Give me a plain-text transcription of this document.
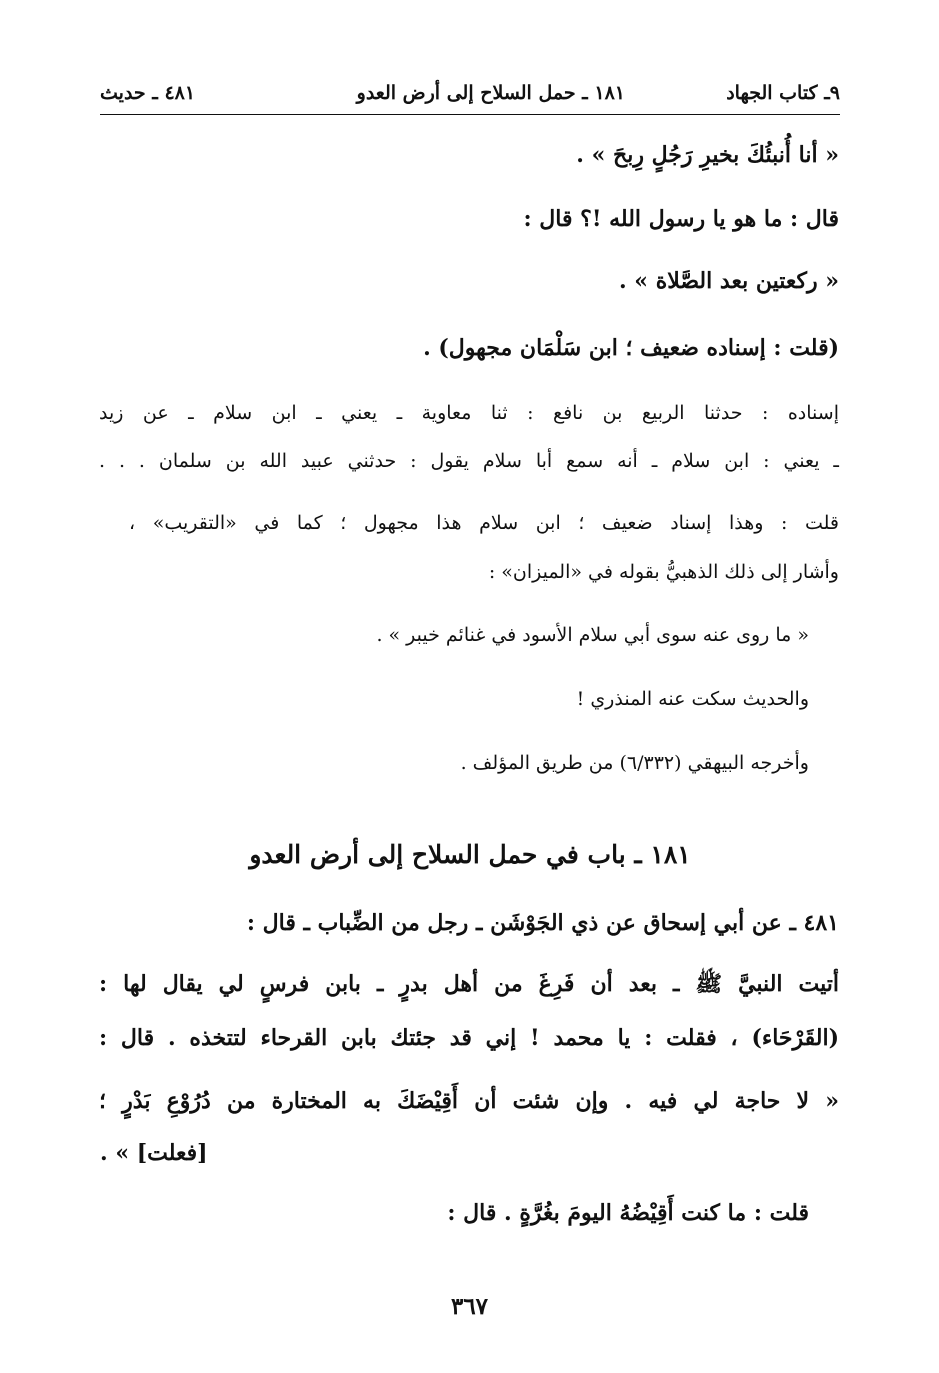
٩ـ كتاب الجهاد
١٨١ ـ حمل السلاح إلى أرض العدو
٤٨١ ـ حديث
« أنا أُنبئُكَ بخيرِ رَجُلٍ رِبحَ » .
قال : ما هو يا رسول الله !؟ قال :
« ركعتين بعد الصَّلاة » .
(قلت : إسناده ضعيف ؛ ابن سَلْمَان مجهول) .
إسناده : حدثنا الربيع بن نافع : ثنا معاوية ـ يعني ـ ابن سلام ـ عن زيد
ـ يعني : ابن سلام ـ أنه سمع أبا سلام يقول : حدثني عبيد الله بن سلمان . . .
قلت : وهذا إسناد ضعيف ؛ ابن سلام هذا مجهول ؛ كما في «التقريب» ،
وأشار إلى ذلك الذهبيُّ بقوله في «الميزان» :
« ما روى عنه سوى أبي سلام الأسود في غنائم خيبر » .
والحديث سكت عنه المنذري !
وأخرجه البيهقي (٦/٣٣٢) من طريق المؤلف .
١٨١ ـ باب في حمل السلاح إلى أرض العدو
٤٨١ ـ عن أبي إسحاق عن ذي الجَوْشَن ـ رجل من الضِّباب ـ قال :
أتيت النبيَّ ﷺ ـ بعد أن فَرِغَ من أهل بدرٍ ـ بابن فرسٍ لي يقال لها :
(القَرْحَاء) ، فقلت : يا محمد ! إني قد جئتك بابن القرحاء لتتخذه . قال :
« لا حاجة لي فيه . وإن شئت أن أَقِيْضَكَ به المختارة من دُرُوْعِ بَدْرٍ ؛
[فعلت] » .
قلت : ما كنت أَقِيْضُهُ اليومَ بغُرَّةٍ . قال :
٣٦٧
